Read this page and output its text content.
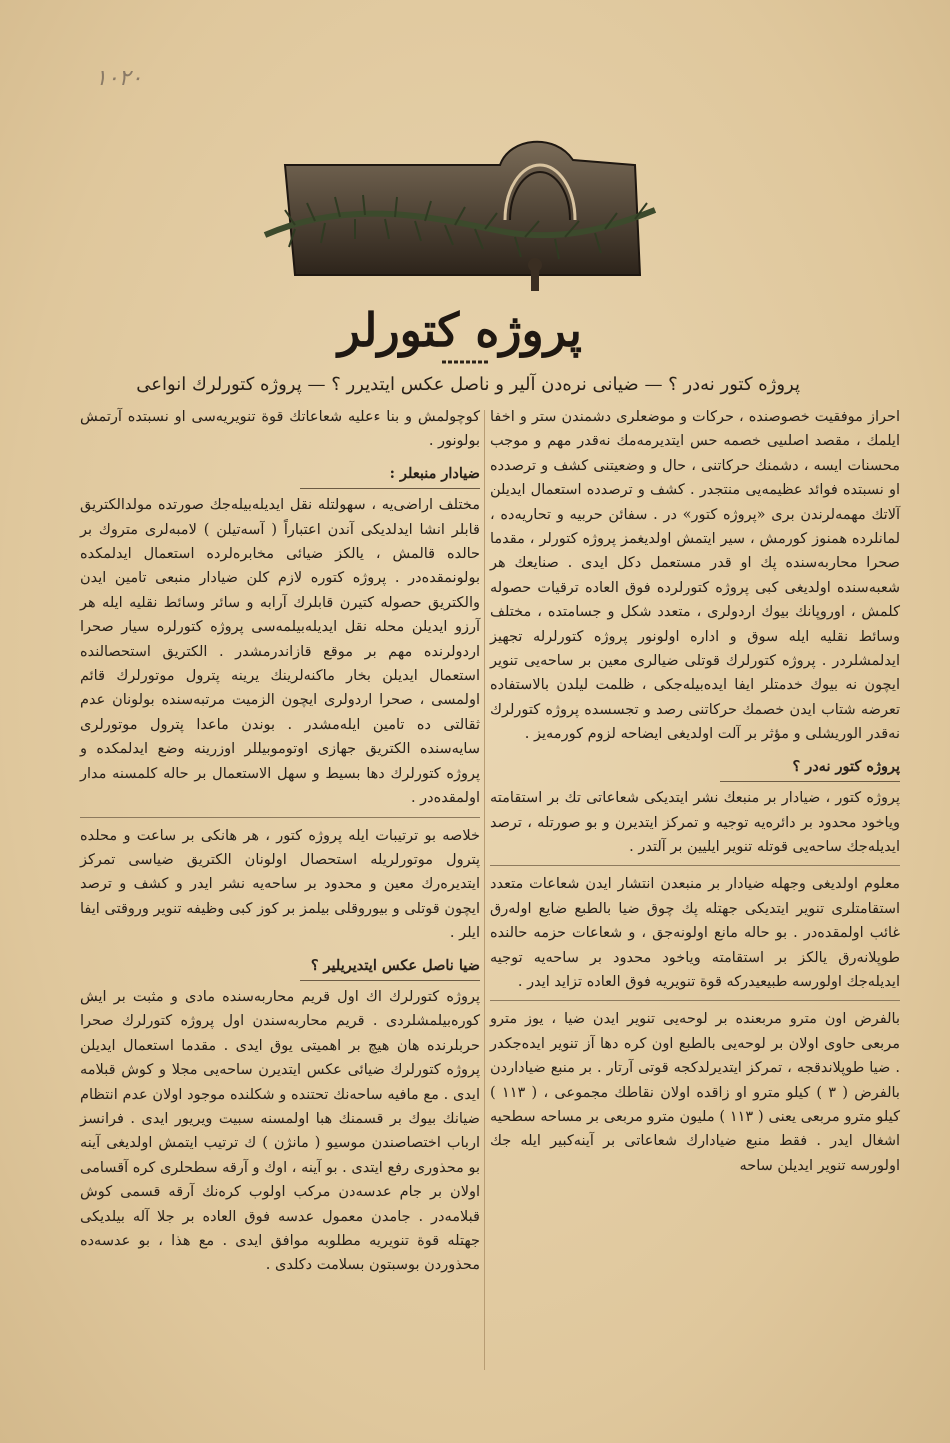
۱۰۲۰
پروژه كتورلر
پروژه كتور نەدر ؟ — ضيانى نرەدن آلير و ناصل عكس ايتديرر ؟ — پروژه كتورلرك انواعى

احراز موفقيت خصوصنده ، حركات و موضعلرى دشمندن ستر و اخفا ايلمك ، مقصد اصلىيى خصمه حس ايتديرمەمك نەقدر مهم و موجب محسنات ايسه ، دشمنك حركاتنى ، حال و وضعيتنى كشف و ترصدده او نسبتده فوائد عظيمەيى منتجدر . كشف و ترصدده استعمال ايديلن آلاتك مهمەلرندن برى «پروژه كتور» در . سفائن حربيه و تحاريەده ، لمانلرده همنوز كورمش ، سير ايتمش اولديغمز پروژه كتورلر ، مقدما صحرا محاربەسنده پك او قدر مستعمل دكل ايدى . صنايعك هر شعبەسنده اولديغى كبى پروژه كتورلرده فوق العاده ترقيات حصوله كلمش ، اوروپانك بيوك اردولرى ، متعدد شكل و جسامتده ، مختلف وسائط نقليه ايله سوق و اداره اولونور پروژه كتورلرله تجهيز ايدلمشلردر . پروژه كتورلرك قوتلى ضيالرى معين بر ساحەيى تنوير ايچون نه بيوك خدمتلر ايفا ايدەبيلەجكى ، ظلمت ليلدن بالاستفاده تعرضه شتاب ايدن خصمك حركاتنى رصد و تجسسده پروژه كتورلرك نەقدر الوريشلى و مؤثر بر آلت اولديغى ايضاحه لزوم كورمەيز .

پروژه كتور نەدر ؟

پروژه كتور ، ضيادار بر منبعك نشر ايتديكى شعاعاتى تك بر استقامته وياخود محدود بر دائرەيه توجيه و تمركز ايتديرن و بو صورتله ، ترصد ايديلەجك ساحەيى قوتله تنوير ايليين بر آلتدر .

معلوم اولديغى وجهله ضيادار بر منبعدن انتشار ايدن شعاعات متعدد استقامتلرى تنوير ايتديكى جهتله پك چوق ضيا بالطبع ضايع اولەرق غائب اولمقدەدر . بو حاله مانع اولونەجق ، و شعاعات حزمه حالنده طوپلانەرق يالكز بر استقامته وياخود محدود بر ساحەيه توجيه ايديلەجك اولورسه طبيعيدركه قوة تنويريه فوق العاده تزايد ايدر .

بالفرض اون مترو مربعنده بر لوحەيى تنوير ايدن ضيا ، يوز مترو مربعى حاوى اولان بر لوحەيى بالطبع اون كره دها آز تنوير ايدەجكدر . ضيا طوپلاندقجه ، تمركز ايتديرلدكجه قوتى آرتار . بر منبع ضيادارد‌ن بالفرض ( ۳ ) كيلو مترو او زاقده اولان نقاطك مجموعى ، ( ۱۱۳ ) كيلو مترو مربعى يعنى ( ۱۱۳ ) مليون مترو مربعى بر مساحه سطحيه اشغال ايدر . فقط منبع ضيادارك شعاعاتى بر آينه‌كبير ايله جك اولورسه تنوير ايديلن ساحه

كوچولمش و بنا ءعليه شعاعاتك قوة تنويريه‌سى او نسبتده آرتمش بولونور .

ضيادار منبعلر :

مختلف اراضى‌يه ، سهولتله نقل ايديلەبيلەجك صورتده مولدالكتريق قابلر انشا ايدلديكى آندن اعتباراً ( آسه‌تيلن ) لامبەلرى متروك بر حالده قالمش ، يالكز ضيائى مخابرەلرده استعمال ايدلمكده بولونمقدەدر . پروژه كتوره لازم كلن ضيادار منبعى تامين ايدن والكتريق حصوله كتيرن قابلرك آرابه و سائر وسائط نقليه ايله هر آرزو ايديلن محله نقل ايديلەبيلمەسى پروژه كتورلرە سيار صحرا اردولرنده مهم بر موقع قازاندرمشدر . الكتريق استحصالنده استعمال ايديلن بخار ماكنەلرينك يرينه پترول موتورلرك قائم اولمسى ، صحرا اردولرى ايچون الزميت مرتبەسنده بولونان عدم ثقالتى ده تامين ايلەمشدر . بوندن ماعدا پترول موتورلرى سايەسنده الكتريق جهازى اوتوموبيللر اوزرينه وضع ايدلمكده و پروژه كتورلرك دها بسيط و سهل الاستعمال بر حاله كلمسنه مدار اولمقدەدر .

خلاصه بو ترتيبات ايله پروژه كتور ، هر هانكى بر ساعت و محلده پترول موتورلريله استحصال اولونان الكتريق ضياسى تمركز ايتديرەرك معين و محدود بر ساحەيه نشر ايدر و كشف و ترصد ايچون قوتلى و بيوروقلى بيلمز بر كوز كبى وظيفه تنوير وروقتى ايفا ايلر .

ضيا ناصل عكس ايتديريلير ؟

پروژه كتورلرك اك اول قريم محاربەسنده مادى و مثبت بر ايش كورەبيلمشلردى . قريم محاربەسندن اول پروژه كتورلرك صحرا حربلرنده هان هيچ بر اهميتى يوق ايدى . مقدما استعمال ايديلن پروژه كتورلرك ضيائى عكس ايتديرن ساحەيى مجلا و كوش قبلامه ايدى . مع مافيه ساحەنك تحتنده و شكلنده موجود اولان عدم انتظام ضيانك بيوك بر قسمنك هبا اولمسنه سبيت ويريور ايدى . فرانسز ارباب اختصاصندن موسيو ( مانژن ) ك ترتيب ايتمش اولديغى آينه بو محذورى رفع ايتدى . بو آينه ، اوك و آرقه سطحلرى كره آقسامى اولان بر جام عدسەدن مركب اولوب كرەنك آرقه قسمى كوش قبلامەدر . جامدن معمول عدسه فوق العاده بر جلا آله بيلديكى جهتله قوة تنويريه مطلوبه موافق ايدى . مع هذا ، بو عدسەده محذوردن بوسبتون بسلامت دكلدى .
